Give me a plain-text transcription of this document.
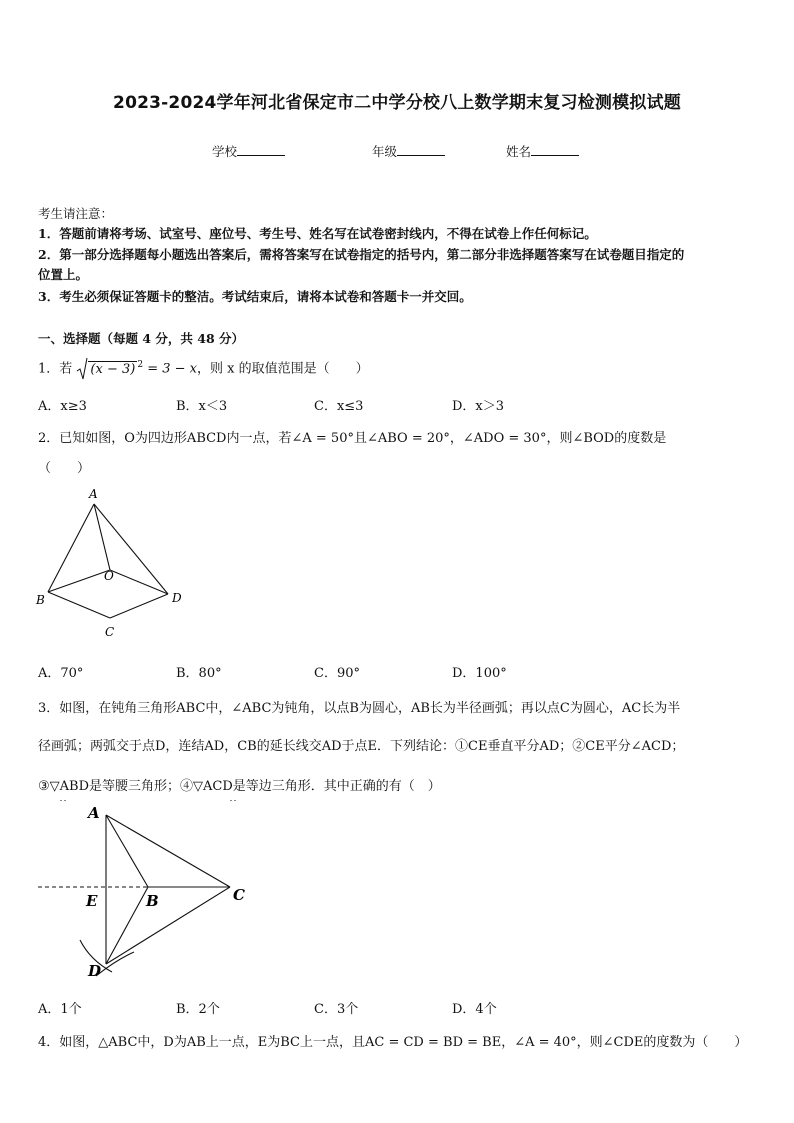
2023-2024学年河北省保定市二中学分校八上数学期末复习检测模拟试题
学校	年级	姓名
考生请注意：
1．答题前请将考场、试室号、座位号、考生号、姓名写在试卷密封线内，不得在试卷上作任何标记。
2．第一部分选择题每小题选出答案后，需将答案写在试卷指定的括号内，第二部分非选择题答案写在试卷题目指定的
位置上。
3．考生必须保证答题卡的整洁。考试结束后，请将本试卷和答题卡一并交回。
一、选择题（每题 4 分，共 48 分）
1．若 (x − 3) $^2$ = 3 − x，则 x 的取值范围是（　　）
A．x≥3	B．x＜3	C．x≤3	D．x＞3
2．已知如图，O为四边形ABCD内一点，若∠A = 50°且∠ABO = 20°，∠ADO = 30°，则∠BOD的度数是
（　　）
A
O
B	D
C
A．70°	B．80°	C．90°	D．100°
3．如图，在钝角三角形ABC中，∠ABC为钝角，以点B为圆心，AB长为半径画弧；再以点C为圆心，AC长为半
径画弧；两弧交于点D，连结AD，CB的延长线交AD于点E．下列结论：①CE垂直平分AD；②CE平分∠ACD；
③▽ABD是等腰三角形；④▽ACD是等边三角形．其中正确的有（　）
A
E	B	C
D
A．1个	B．2个	C．3个	D．4个
4．如图，△ABC中，D为AB上一点，E为BC上一点，且AC = CD = BD = BE，∠A = 40°，则∠CDE的度数为（　　）
